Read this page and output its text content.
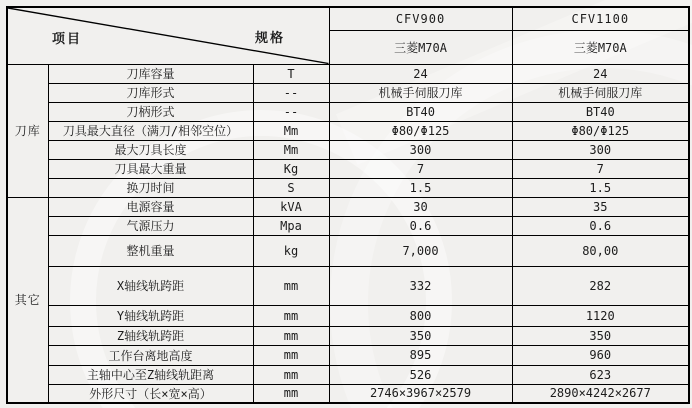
项目 规格			CFV900	CFV1100
			三菱M70A	三菱M70A
刀库	刀库容量	T	24	24
	刀库形式	--	机械手伺服刀库	机械手伺服刀库
	刀柄形式	--	BT40	BT40
	刀具最大直径（满刀/相邻空位）	Mm	Φ80/Φ125	Φ80/Φ125
	最大刀具长度	Mm	300	300
	刀具最大重量	Kg	7	7
	换刀时间	S	1.5	1.5
其它	电源容量	kVA	30	35
	气源压力	Mpa	0.6	0.6
	整机重量	kg	7,000	80,00
	X轴线轨跨距	mm	332	282
	Y轴线轨跨距	mm	800	1120
	Z轴线轨跨距	mm	350	350
	工作台离地高度	mm	895	960
	主轴中心至Z轴线轨距离	mm	526	623
	外形尺寸（长×宽×高）	mm	2746×3967×2579	2890×4242×2677
